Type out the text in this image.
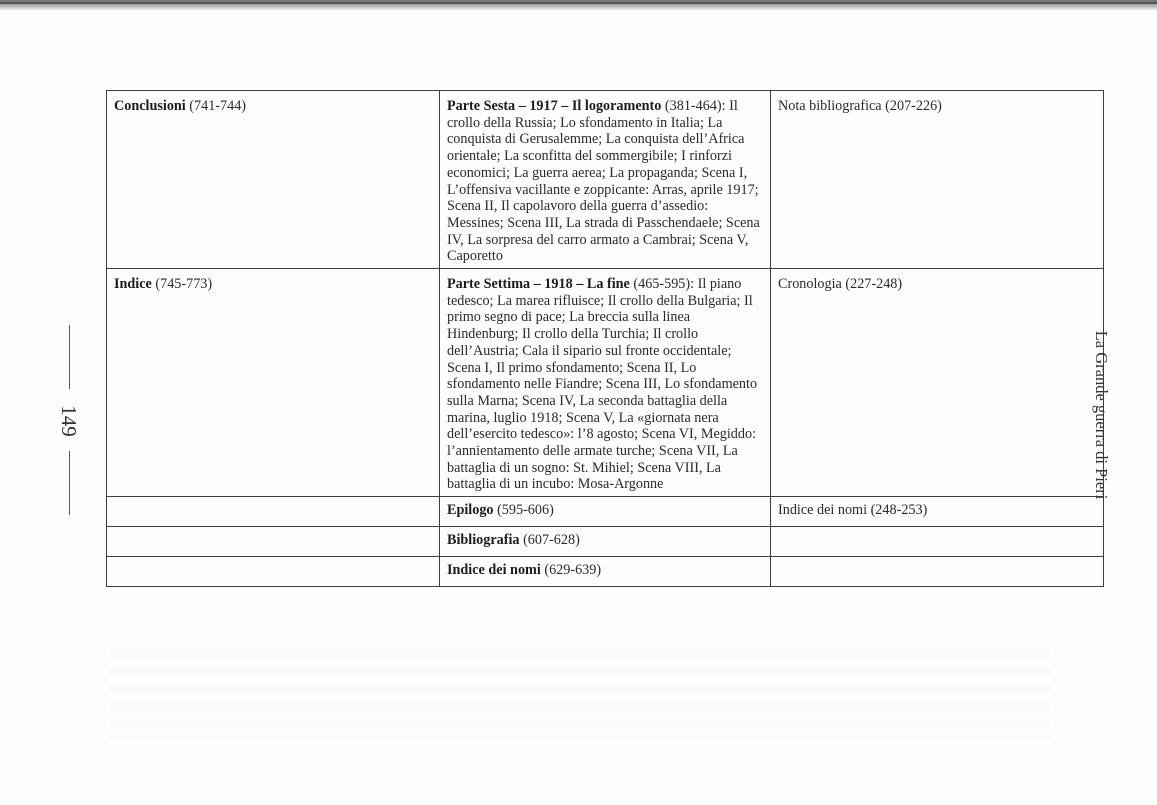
Conclusioni (741-744)	Parte Sesta – 1917 – Il logoramento (381-464): Il crollo della Russia; Lo sfondamento in Italia; La conquista di Gerusalemme; La conquista dell’Africa orientale; La sconfitta del sommergibile; I rinforzi economici; La guerra aerea; La propaganda; Scena I, L’offensiva vacillante e zoppicante: Arras, aprile 1917; Scena II, Il capolavoro della guerra d’assedio: Messines; Scena III, La strada di Passchendaele; Scena IV, La sorpresa del carro armato a Cambrai; Scena V, Caporetto	Nota bibliografica (207-226)
Indice (745-773)	Parte Settima – 1918 – La fine (465-595): Il piano tedesco; La marea rifluisce; Il crollo della Bulgaria; Il primo segno di pace; La breccia sulla linea Hindenburg; Il crollo della Turchia; Il crollo dell’Austria; Cala il sipario sul fronte occidentale; Scena I, Il primo sfondamento; Scena II, Lo sfondamento nelle Fiandre; Scena III, Lo sfondamento sulla Marna; Scena IV, La seconda battaglia della marina, luglio 1918; Scena V, La «giornata nera dell’esercito tedesco»: l’8 agosto; Scena VI, Megiddo: l’annientamento delle armate turche; Scena VII, La battaglia di un sogno: St. Mihiel; Scena VIII, La battaglia di un incubo: Mosa-Argonne	Cronologia (227-248)
	Epilogo (595-606)	Indice dei nomi (248-253)
	Bibliografia (607-628)	
	Indice dei nomi (629-639)	
149	La Grande guerra di Pieri
